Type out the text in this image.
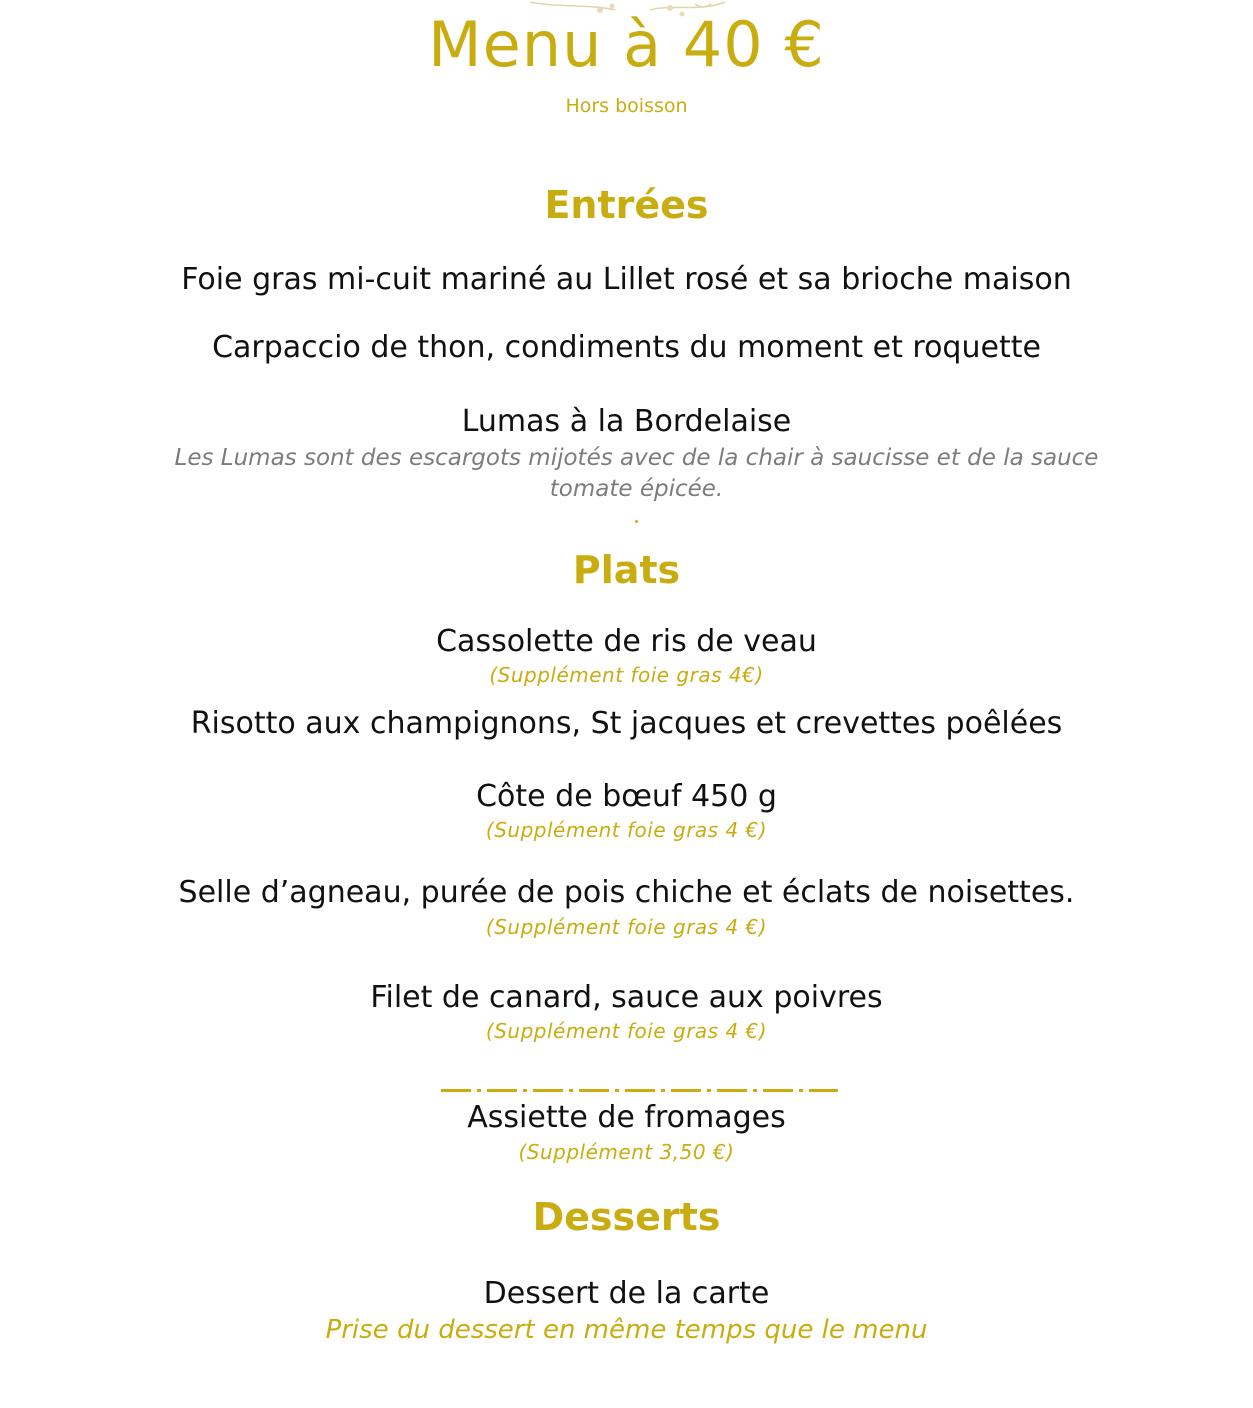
Menu à 40 €
Hors boisson
Entrées
Foie gras mi-cuit mariné au Lillet rosé et sa brioche maison
Carpaccio de thon, condiments du moment et roquette
Lumas à la Bordelaise
Les Lumas sont des escargots mijotés avec de la chair à saucisse et de la sauce tomate épicée.
Plats
Cassolette de ris de veau
(Supplément foie gras 4€)
Risotto aux champignons, St jacques et crevettes poêlées
Côte de bœuf 450 g
(Supplément foie gras 4 €)
Selle d’agneau, purée de pois chiche et éclats de noisettes.
(Supplément foie gras 4 €)
Filet de canard, sauce aux poivres
(Supplément foie gras 4 €)
Assiette de fromages
(Supplément 3,50 €)
Desserts
Dessert de la carte
Prise du dessert en même temps que le menu
